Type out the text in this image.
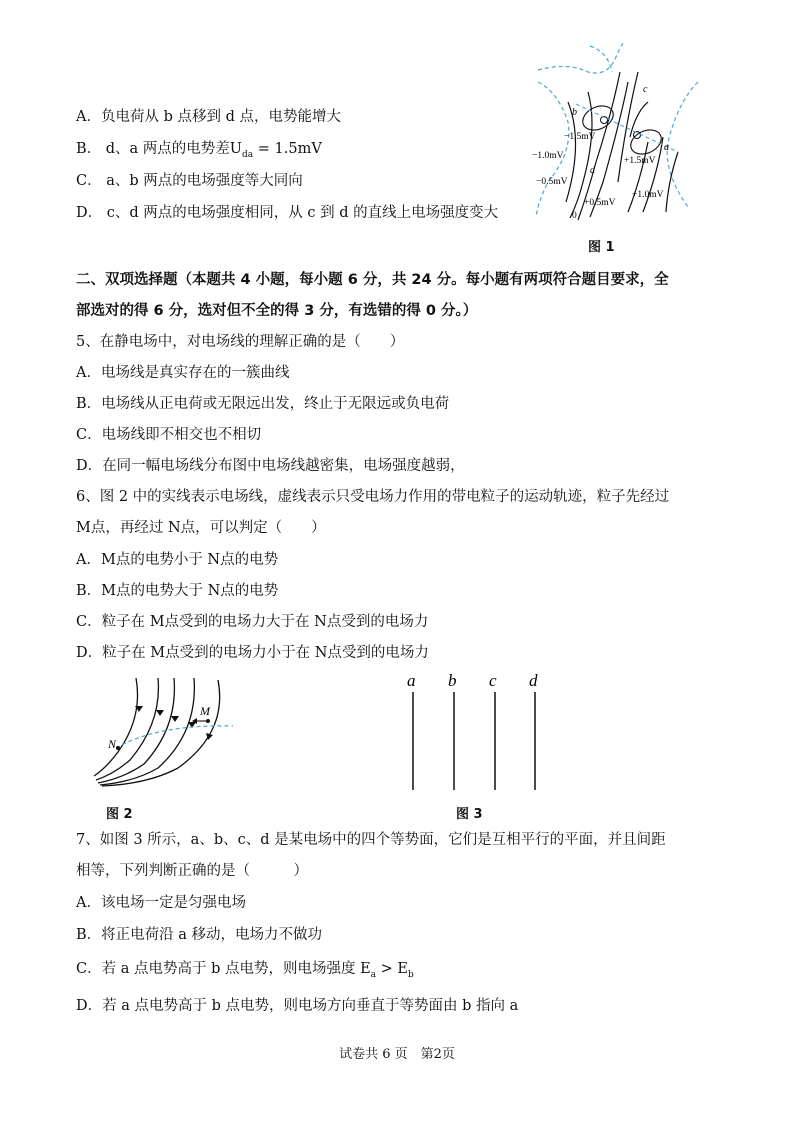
A．负电荷从 b 点移到 d 点，电势能增大
B． d、a 两点的电势差$U_{da} = 1.5mV$
C． a、b 两点的电场强度等大同向
D． c、d 两点的电场强度相同，从 c 到 d 的直线上电场强度变大
b
c
a
d
−1.5mV
−1.0mV
−0.5mV
0
+0.5mV
+1.5mV
+1.0mV
图 1
二、双项选择题（本题共 4 小题，每小题 6 分，共 24 分。每小题有两项符合题目要求，全
部选对的得 6 分，选对但不全的得 3 分，有选错的得 0 分。）
5、在静电场中，对电场线的理解正确的是（　　）
A．电场线是真实存在的一簇曲线
B．电场线从正电荷或无限远出发，终止于无限远或负电荷
C．电场线即不相交也不相切
D．在同一幅电场线分布图中电场线越密集，电场强度越弱，
6、图 2 中的实线表示电场线，虚线表示只受电场力作用的带电粒子的运动轨迹，粒子先经过
M点，再经过 N点，可以判定（　　）
A．M点的电势小于 N点的电势
B．M点的电势大于 N点的电势
C．粒子在 M点受到的电场力大于在 N点受到的电场力
D．粒子在 M点受到的电场力小于在 N点受到的电场力
M
N
图 2
a b c d
图 3
7、如图 3 所示，a、b、c、d 是某电场中的四个等势面，它们是互相平行的平面，并且间距
相等，下列判断正确的是（　　　）
A．该电场一定是匀强电场
B．将正电荷沿 a 移动，电场力不做功
C．若 a 点电势高于 b 点电势，则电场强度 $E_a > E_b$
D．若 a 点电势高于 b 点电势，则电场方向垂直于等势面由 b 指向 a
试卷共 6 页　第2页
